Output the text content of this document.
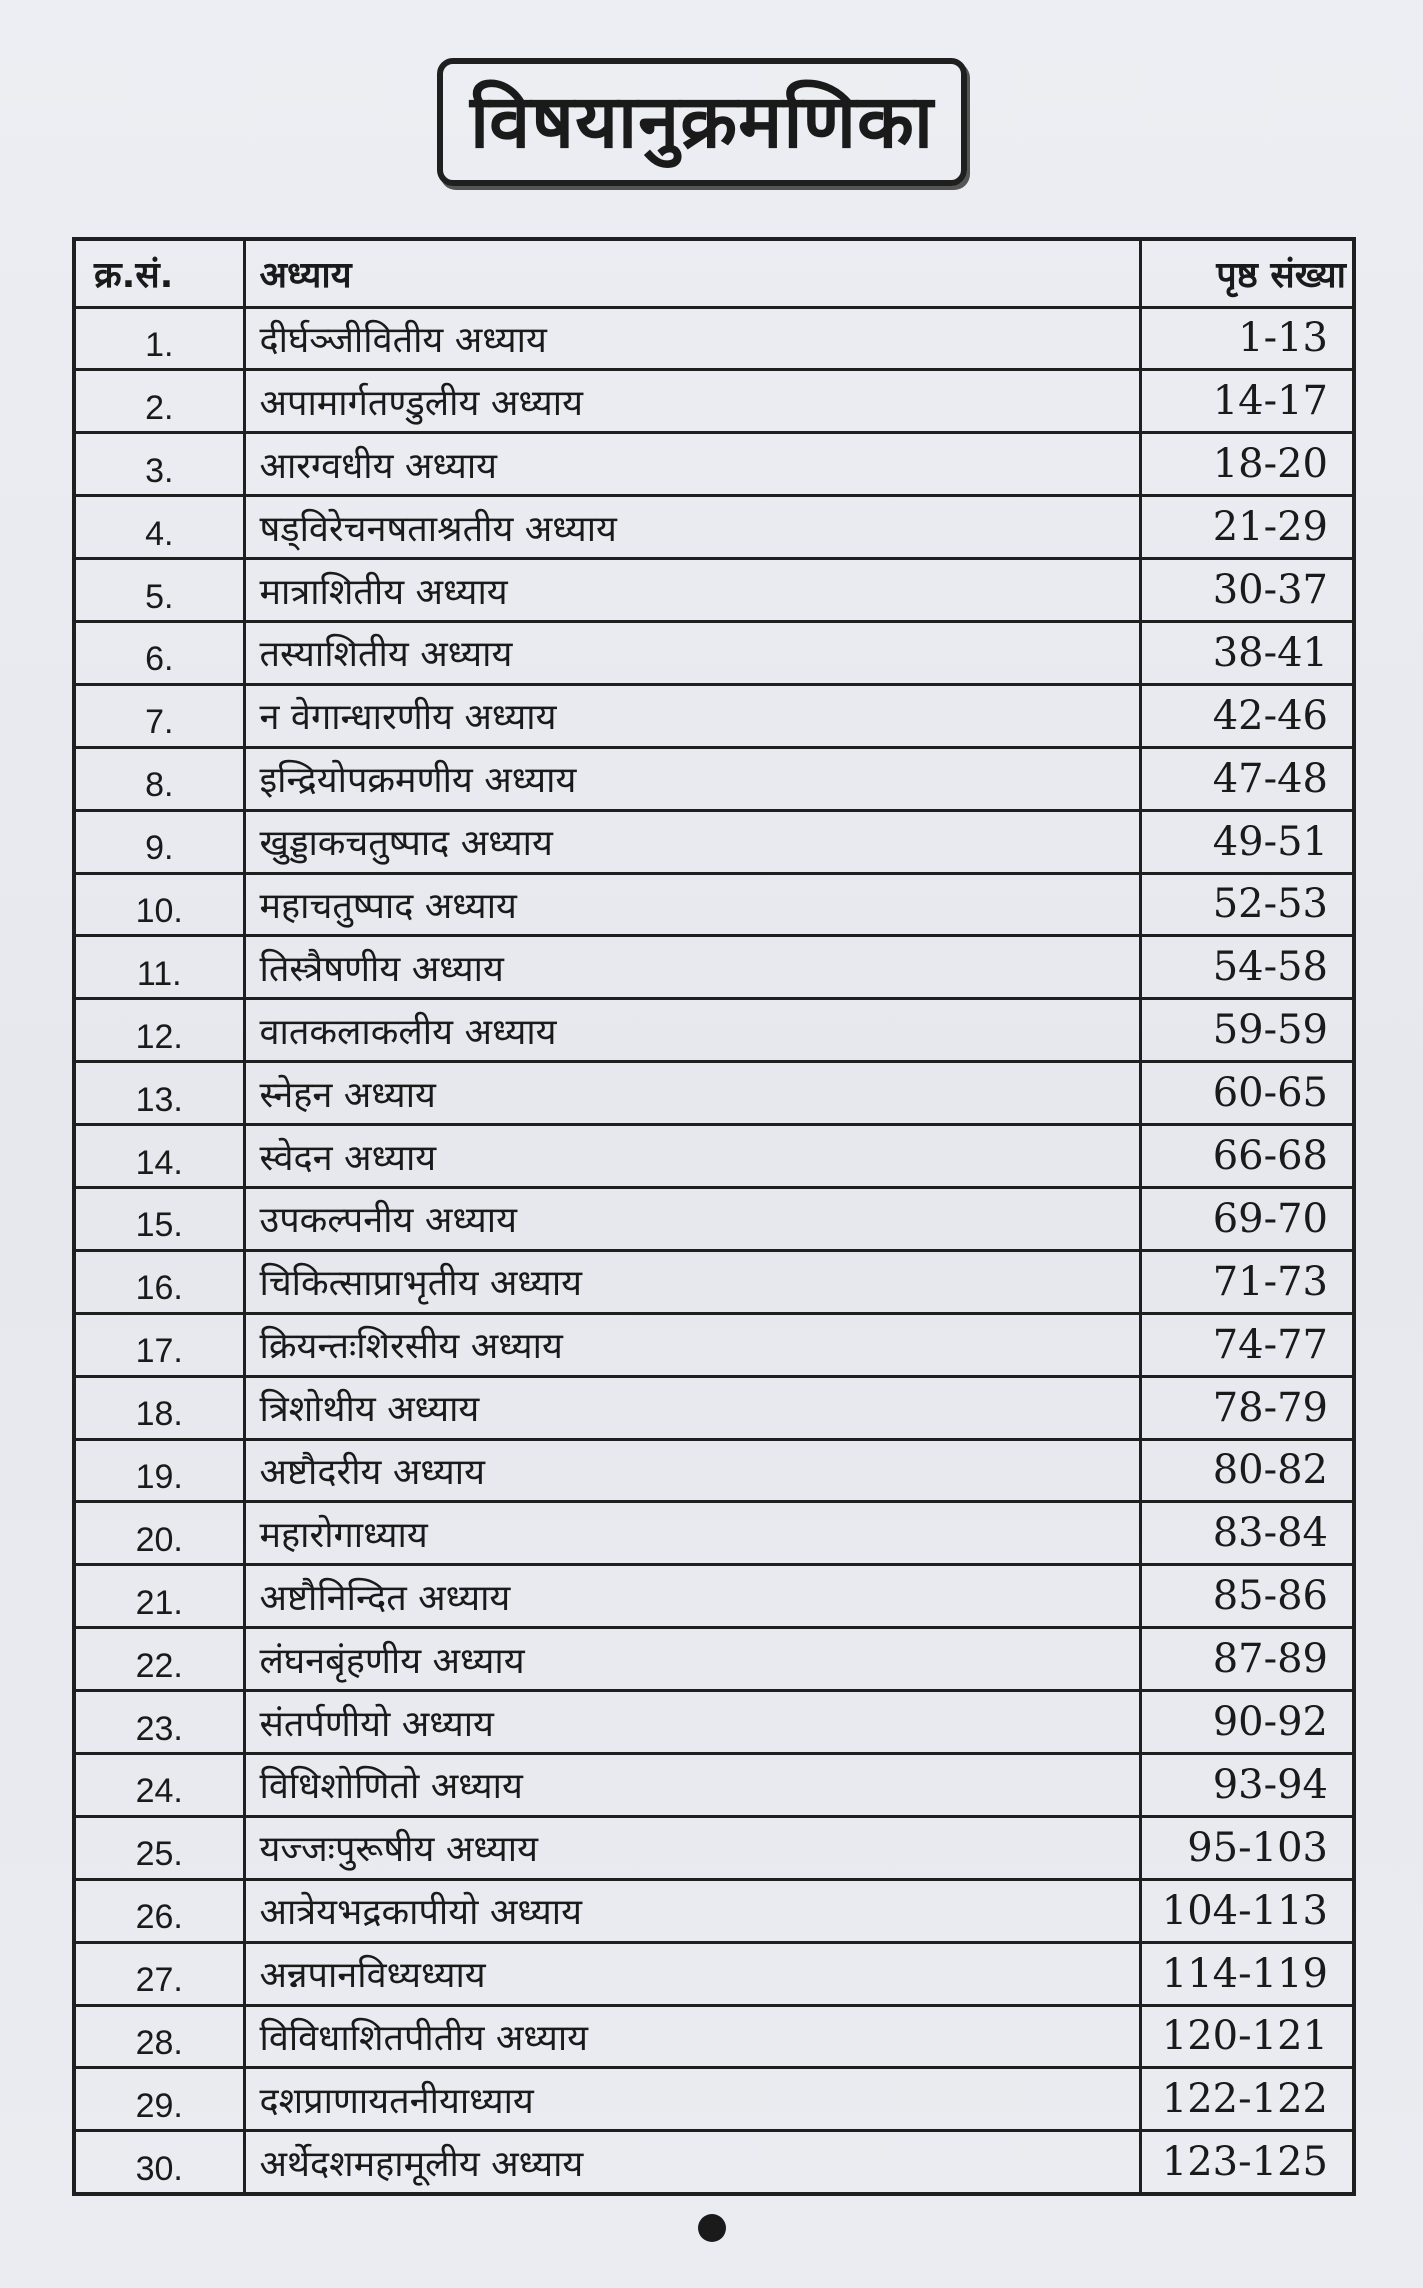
विषयानुक्रमणिका
क्र.सं.	अध्याय	पृष्ठ संख्या
1.	दीर्घञ्जीवितीय अध्याय	1-13
2.	अपामार्गतण्डुलीय अध्याय	14-17
3.	आरग्वधीय अध्याय	18-20
4.	षड्विरेचनषताश्रतीय अध्याय	21-29
5.	मात्राशितीय अध्याय	30-37
6.	तस्याशितीय अध्याय	38-41
7.	न वेगान्धारणीय अध्याय	42-46
8.	इन्द्रियोपक्रमणीय अध्याय	47-48
9.	खुड्डाकचतुष्पाद अध्याय	49-51
10.	महाचतुष्पाद अध्याय	52-53
11.	तिस्त्रैषणीय अध्याय	54-58
12.	वातकलाकलीय अध्याय	59-59
13.	स्नेहन अध्याय	60-65
14.	स्वेदन अध्याय	66-68
15.	उपकल्पनीय अध्याय	69-70
16.	चिकित्साप्राभृतीय अध्याय	71-73
17.	क्रियन्तःशिरसीय अध्याय	74-77
18.	त्रिशोथीय अध्याय	78-79
19.	अष्टौदरीय अध्याय	80-82
20.	महारोगाध्याय	83-84
21.	अष्टौनिन्दित अध्याय	85-86
22.	लंघनबृंहणीय अध्याय	87-89
23.	संतर्पणीयो अध्याय	90-92
24.	विधिशोणितो अध्याय	93-94
25.	यज्जःपुरूषीय अध्याय	95-103
26.	आत्रेयभद्रकापीयो अध्याय	104-113
27.	अन्नपानविध्यध्याय	114-119
28.	विविधाशितपीतीय अध्याय	120-121
29.	दशप्राणायतनीयाध्याय	122-122
30.	अर्थेदशमहामूलीय अध्याय	123-125
